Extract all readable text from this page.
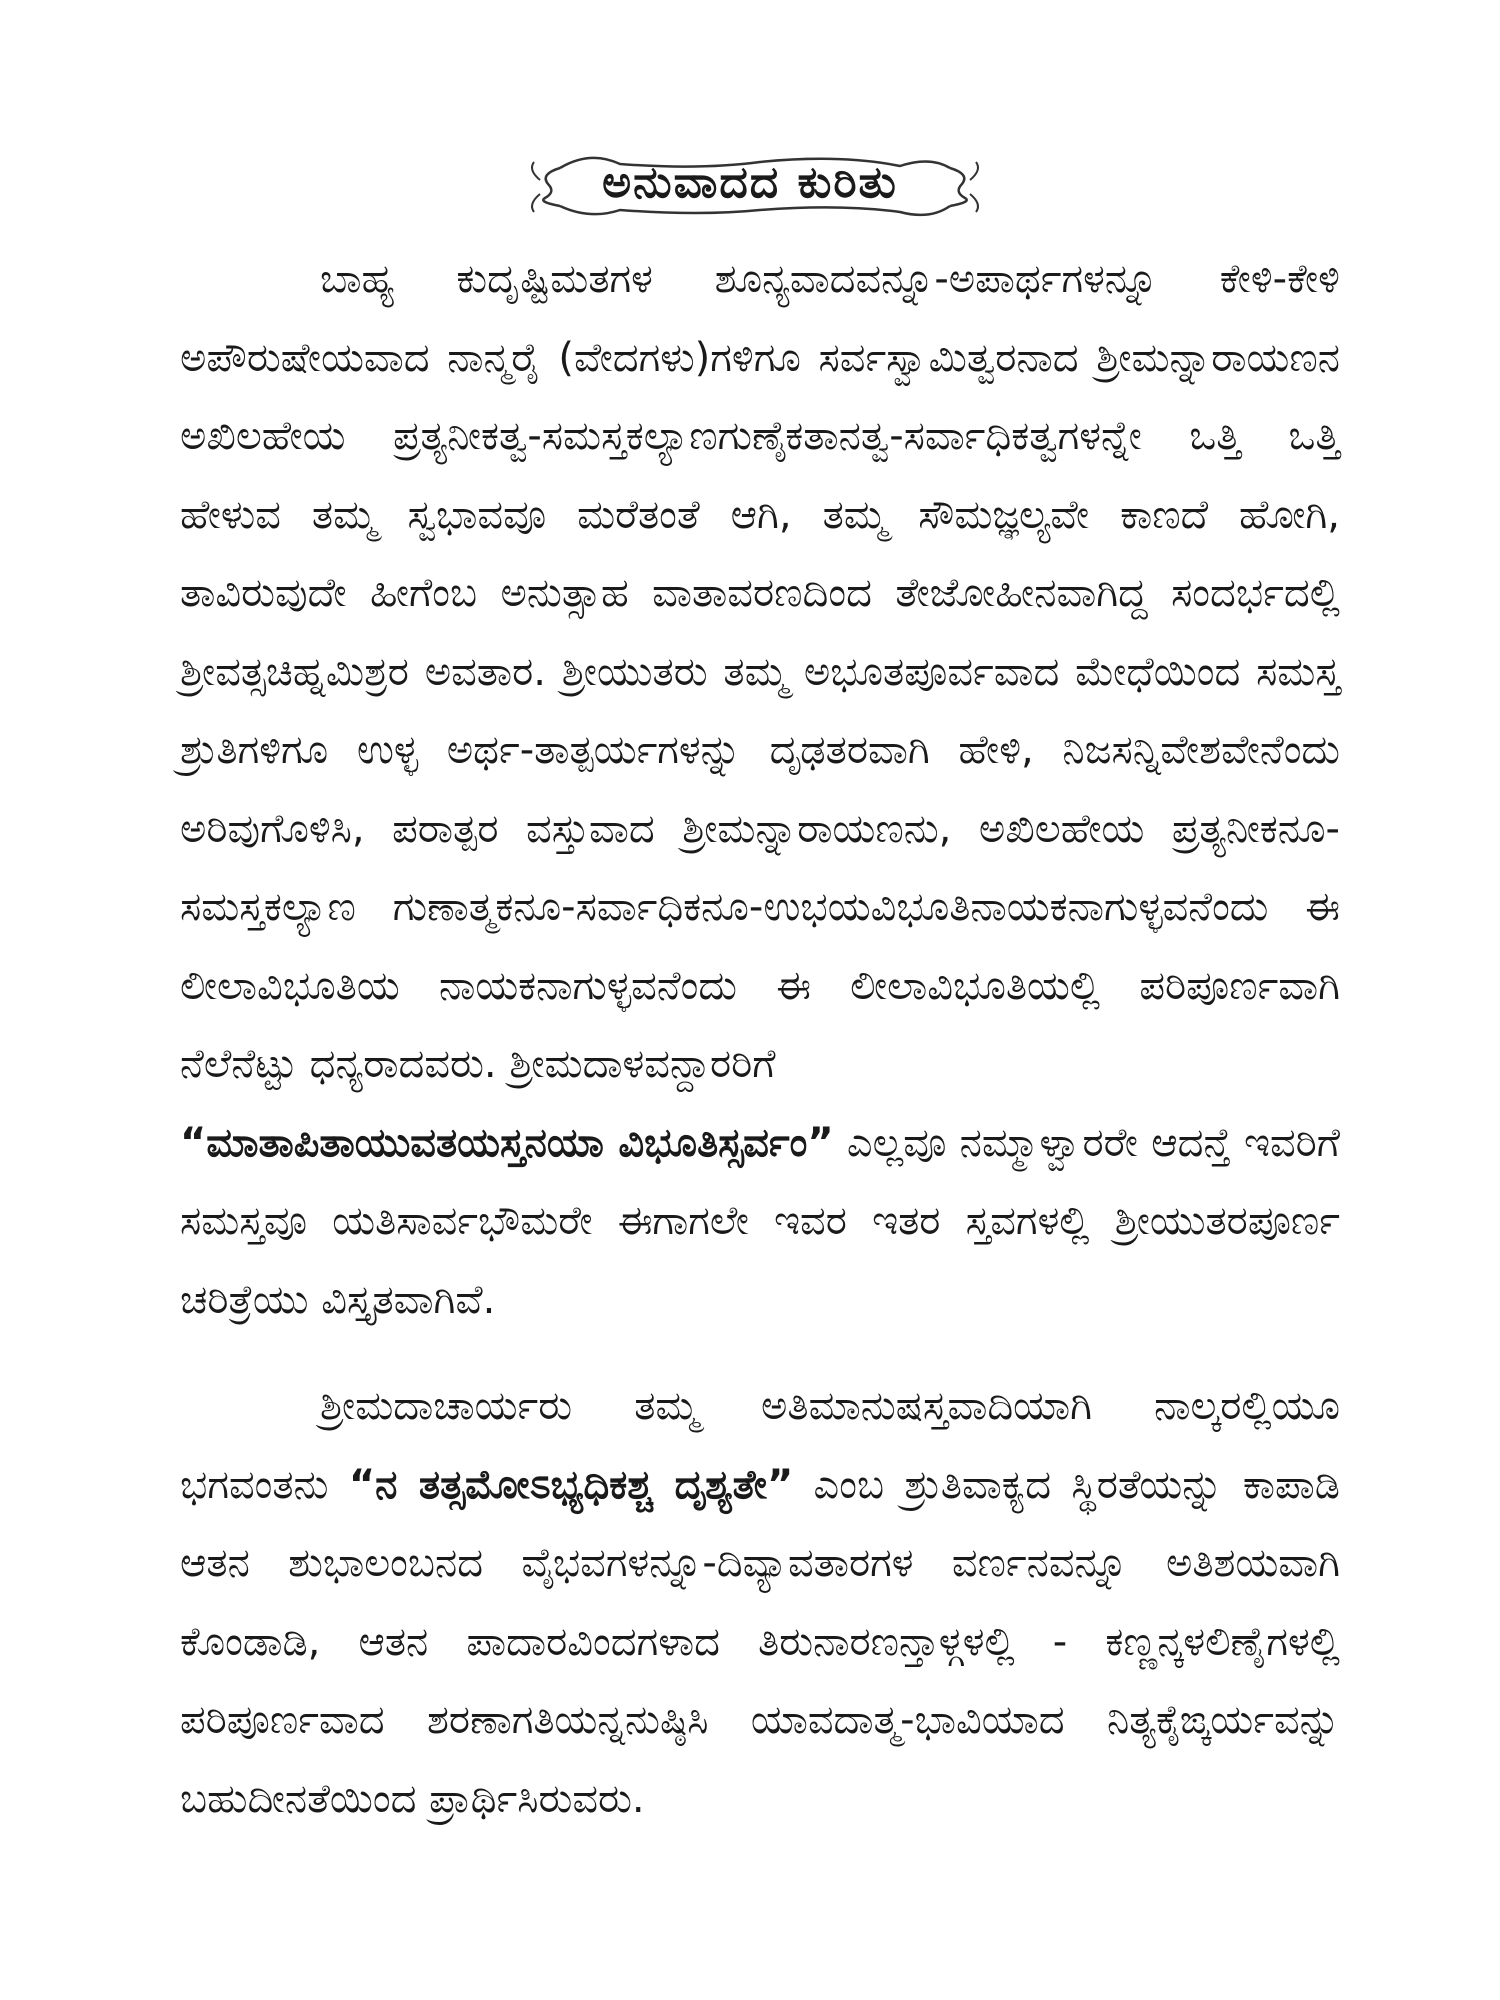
ಅನುವಾದದ ಕುರಿತು

ಬಾಹ್ಯ ಕುದೃಷ್ಟಿಮತಗಳ ಶೂನ್ಯವಾದವನ್ನೂ-ಅಪಾರ್ಥಗಳನ್ನೂ ಕೇಳಿ-ಕೇಳಿ ಅಪೌರುಷೇಯವಾದ ನಾನ್ಮರೈ (ವೇದಗಳು)ಗಳಿಗೂ ಸರ್ವಸ್ವಾಮಿತ್ವರನಾದ ಶ್ರೀಮನ್ನಾರಾಯಣನ ಅಖಿಲಹೇಯ ಪ್ರತ್ಯನೀಕತ್ವ-ಸಮಸ್ತಕಲ್ಯಾಣಗುಣೈಕತಾನತ್ವ-ಸರ್ವಾಧಿಕತ್ವಗಳನ್ನೇ ಒತ್ತಿ ಒತ್ತಿ ಹೇಳುವ ತಮ್ಮ ಸ್ವಭಾವವೂ ಮರೆತಂತೆ ಆಗಿ, ತಮ್ಮ ಸೌಮಜ್ಞಲ್ಯವೇ ಕಾಣದೆ ಹೋಗಿ, ತಾವಿರುವುದೇ ಹೀಗೆಂಬ ಅನುತ್ಸಾಹ ವಾತಾವರಣದಿಂದ ತೇಜೋಹೀನವಾಗಿದ್ದ ಸಂದರ್ಭದಲ್ಲಿ ಶ್ರೀವತ್ಸಚಿಹ್ನಮಿಶ್ರರ ಅವತಾರ. ಶ್ರೀಯುತರು ತಮ್ಮ ಅಭೂತಪೂರ್ವವಾದ ಮೇಧೆಯಿಂದ ಸಮಸ್ತ ಶ್ರುತಿಗಳಿಗೂ ಉಳ್ಳ ಅರ್ಥ-ತಾತ್ಪರ್ಯಗಳನ್ನು ದೃಢತರವಾಗಿ ಹೇಳಿ, ನಿಜಸನ್ನಿವೇಶವೇನೆಂದು ಅರಿವುಗೊಳಿಸಿ, ಪರಾತ್ಪರ ವಸ್ತುವಾದ ಶ್ರೀಮನ್ನಾರಾಯಣನು, ಅಖಿಲಹೇಯ ಪ್ರತ್ಯನೀಕನೂ-ಸಮಸ್ತಕಲ್ಯಾಣ ಗುಣಾತ್ಮಕನೂ-ಸರ್ವಾಧಿಕನೂ-ಉಭಯವಿಭೂತಿನಾಯಕನಾಗುಳ್ಳವನೆಂದು ಈ ಲೀಲಾವಿಭೂತಿಯ ನಾಯಕನಾಗುಳ್ಳವನೆಂದು ಈ ಲೀಲಾವಿಭೂತಿಯಲ್ಲಿ ಪರಿಪೂರ್ಣವಾಗಿ ನೆಲೆನೆಟ್ಟು ಧನ್ಯರಾದವರು. ಶ್ರೀಮದಾಳವನ್ದಾರರಿಗೆ
“ಮಾತಾಪಿತಾಯುವತಯಸ್ತನಯಾ ವಿಭೂತಿಸ್ಸರ್ವಂ” ಎಲ್ಲವೂ ನಮ್ಮಾಳ್ವಾರರೇ ಆದನ್ತೆ ಇವರಿಗೆ ಸಮಸ್ತವೂ ಯತಿಸಾರ್ವಭೌಮರೇ ಈಗಾಗಲೇ ಇವರ ಇತರ ಸ್ತವಗಳಲ್ಲಿ ಶ್ರೀಯುತರಪೂರ್ಣ ಚರಿತ್ರೆಯು ವಿಸ್ತೃತವಾಗಿವೆ.

ಶ್ರೀಮದಾಚಾರ್ಯರು ತಮ್ಮ ಅತಿಮಾನುಷಸ್ತವಾದಿಯಾಗಿ ನಾಲ್ಕರಲ್ಲಿಯೂ ಭಗವಂತನು “ನ ತತ್ಸಮೋಽಭ್ಯಧಿಕಶ್ಚ ದೃಶ್ಯತೇ” ಎಂಬ ಶ್ರುತಿವಾಕ್ಯದ ಸ್ಥಿರತೆಯನ್ನು ಕಾಪಾಡಿ ಆತನ ಶುಭಾಲಂಬನದ ವೈಭವಗಳನ್ನೂ-ದಿವ್ಯಾವತಾರಗಳ ವರ್ಣನವನ್ನೂ ಅತಿಶಯವಾಗಿ ಕೊಂಡಾಡಿ, ಆತನ ಪಾದಾರವಿಂದಗಳಾದ ತಿರುನಾರಣನ್ತಾಳ್ಗಳಲ್ಲಿ - ಕಣ್ಣನ್ಕಳಲಿಣೈಗಳಲ್ಲಿ ಪರಿಪೂರ್ಣವಾದ ಶರಣಾಗತಿಯನ್ನನುಷ್ಠಿಸಿ ಯಾವದಾತ್ಮ-ಭಾವಿಯಾದ ನಿತ್ಯಕೈಙ್ಕರ್ಯವನ್ನು ಬಹುದೀನತೆಯಿಂದ ಪ್ರಾರ್ಥಿಸಿರುವರು.
